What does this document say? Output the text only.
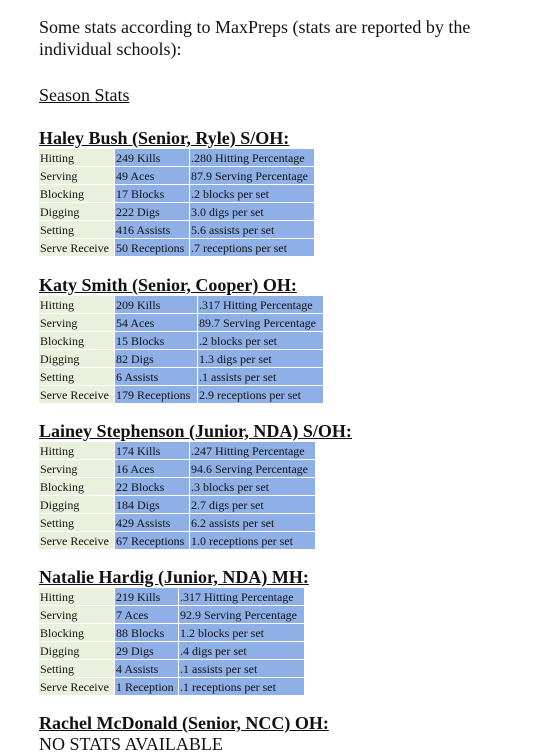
Some stats according to MaxPreps (stats are reported by the individual schools):

Season Stats

Haley Bush (Senior, Ryle) S/OH:

Hitting	249 Kills	.280 Hitting Percentage
Serving	49 Aces	87.9 Serving Percentage
Blocking	17 Blocks	.2 blocks per set
Digging	222 Digs	3.0 digs per set
Setting	416 Assists	5.6 assists per set
Serve Receive	50 Receptions	.7 receptions per set

Katy Smith (Senior, Cooper) OH:

Hitting	209 Kills	.317 Hitting Percentage
Serving	54 Aces	89.7 Serving Percentage
Blocking	15 Blocks	.2 blocks per set
Digging	82 Digs	1.3 digs per set
Setting	6 Assists	.1 assists per set
Serve Receive	179 Receptions	2.9 receptions per set

Lainey Stephenson (Junior, NDA) S/OH:

Hitting	174 Kills	.247 Hitting Percentage
Serving	16 Aces	94.6 Serving Percentage
Blocking	22 Blocks	.3 blocks per set
Digging	184 Digs	2.7 digs per set
Setting	429 Assists	6.2 assists per set
Serve Receive	67 Receptions	1.0 receptions per set

Natalie Hardig (Junior, NDA) MH:

Hitting	219 Kills	.317 Hitting Percentage
Serving	7 Aces	92.9 Serving Percentage
Blocking	88 Blocks	1.2 blocks per set
Digging	29 Digs	.4 digs per set
Setting	4 Assists	.1 assists per set
Serve Receive	1 Reception	.1 receptions per set

Rachel McDonald (Senior, NCC) OH:

NO STATS AVAILABLE
